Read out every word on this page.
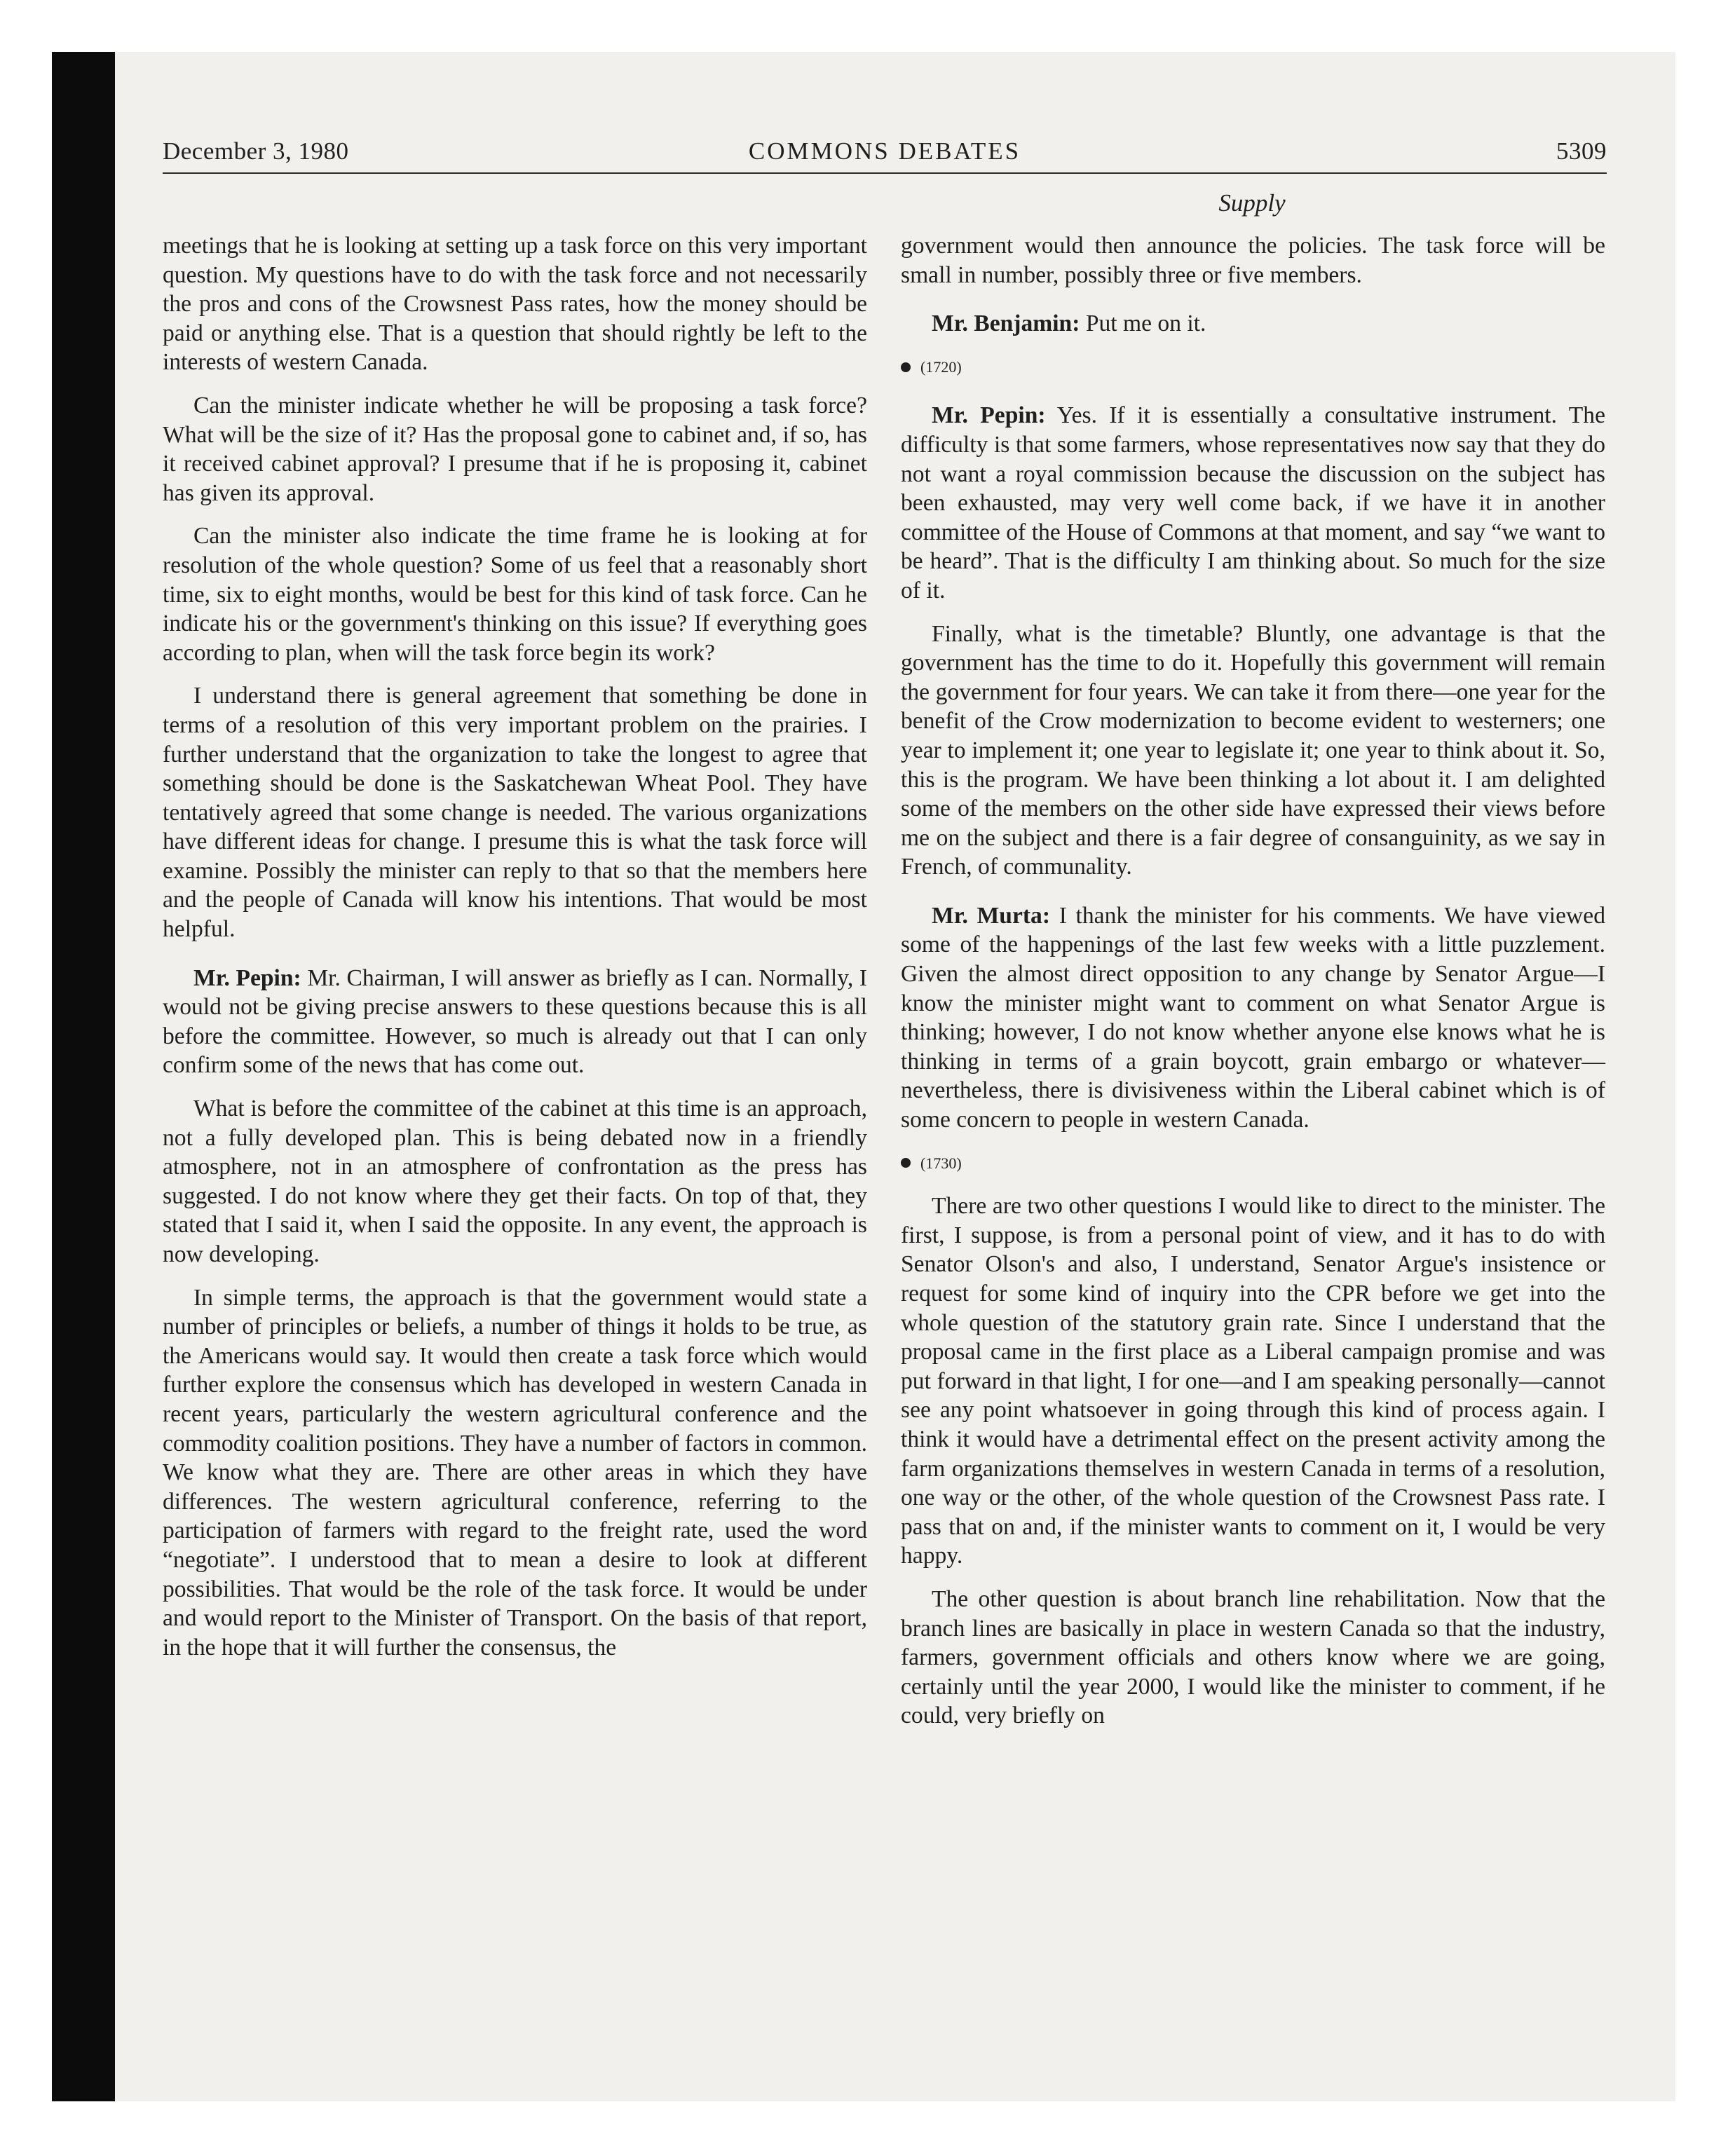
December 3, 1980	COMMONS DEBATES	5309
Supply

meetings that he is looking at setting up a task force on this very important question. My questions have to do with the task force and not necessarily the pros and cons of the Crowsnest Pass rates, how the money should be paid or anything else. That is a question that should rightly be left to the interests of western Canada.

Can the minister indicate whether he will be proposing a task force? What will be the size of it? Has the proposal gone to cabinet and, if so, has it received cabinet approval? I presume that if he is proposing it, cabinet has given its approval.

Can the minister also indicate the time frame he is looking at for resolution of the whole question? Some of us feel that a reasonably short time, six to eight months, would be best for this kind of task force. Can he indicate his or the government's thinking on this issue? If everything goes according to plan, when will the task force begin its work?

I understand there is general agreement that something be done in terms of a resolution of this very important problem on the prairies. I further understand that the organization to take the longest to agree that something should be done is the Saskatchewan Wheat Pool. They have tentatively agreed that some change is needed. The various organizations have different ideas for change. I presume this is what the task force will examine. Possibly the minister can reply to that so that the members here and the people of Canada will know his intentions. That would be most helpful.

Mr. Pepin: Mr. Chairman, I will answer as briefly as I can. Normally, I would not be giving precise answers to these questions because this is all before the committee. However, so much is already out that I can only confirm some of the news that has come out.

What is before the committee of the cabinet at this time is an approach, not a fully developed plan. This is being debated now in a friendly atmosphere, not in an atmosphere of confrontation as the press has suggested. I do not know where they get their facts. On top of that, they stated that I said it, when I said the opposite. In any event, the approach is now developing.

In simple terms, the approach is that the government would state a number of principles or beliefs, a number of things it holds to be true, as the Americans would say. It would then create a task force which would further explore the consensus which has developed in western Canada in recent years, particularly the western agricultural conference and the commodity coalition positions. They have a number of factors in common. We know what they are. There are other areas in which they have differences. The western agricultural conference, referring to the participation of farmers with regard to the freight rate, used the word “negotiate”. I understood that to mean a desire to look at different possibilities. That would be the role of the task force. It would be under and would report to the Minister of Transport. On the basis of that report, in the hope that it will further the consensus, the

government would then announce the policies. The task force will be small in number, possibly three or five members.

Mr. Benjamin: Put me on it.

(1720)

Mr. Pepin: Yes. If it is essentially a consultative instrument. The difficulty is that some farmers, whose representatives now say that they do not want a royal commission because the discussion on the subject has been exhausted, may very well come back, if we have it in another committee of the House of Commons at that moment, and say “we want to be heard”. That is the difficulty I am thinking about. So much for the size of it.

Finally, what is the timetable? Bluntly, one advantage is that the government has the time to do it. Hopefully this government will remain the government for four years. We can take it from there—one year for the benefit of the Crow modernization to become evident to westerners; one year to implement it; one year to legislate it; one year to think about it. So, this is the program. We have been thinking a lot about it. I am delighted some of the members on the other side have expressed their views before me on the subject and there is a fair degree of consanguinity, as we say in French, of communality.

Mr. Murta: I thank the minister for his comments. We have viewed some of the happenings of the last few weeks with a little puzzlement. Given the almost direct opposition to any change by Senator Argue—I know the minister might want to comment on what Senator Argue is thinking; however, I do not know whether anyone else knows what he is thinking in terms of a grain boycott, grain embargo or whatever—nevertheless, there is divisiveness within the Liberal cabinet which is of some concern to people in western Canada.

(1730)

There are two other questions I would like to direct to the minister. The first, I suppose, is from a personal point of view, and it has to do with Senator Olson's and also, I understand, Senator Argue's insistence or request for some kind of inquiry into the CPR before we get into the whole question of the statutory grain rate. Since I understand that the proposal came in the first place as a Liberal campaign promise and was put forward in that light, I for one—and I am speaking personally—cannot see any point whatsoever in going through this kind of process again. I think it would have a detrimental effect on the present activity among the farm organizations themselves in western Canada in terms of a resolution, one way or the other, of the whole question of the Crowsnest Pass rate. I pass that on and, if the minister wants to comment on it, I would be very happy.

The other question is about branch line rehabilitation. Now that the branch lines are basically in place in western Canada so that the industry, farmers, government officials and others know where we are going, certainly until the year 2000, I would like the minister to comment, if he could, very briefly on
